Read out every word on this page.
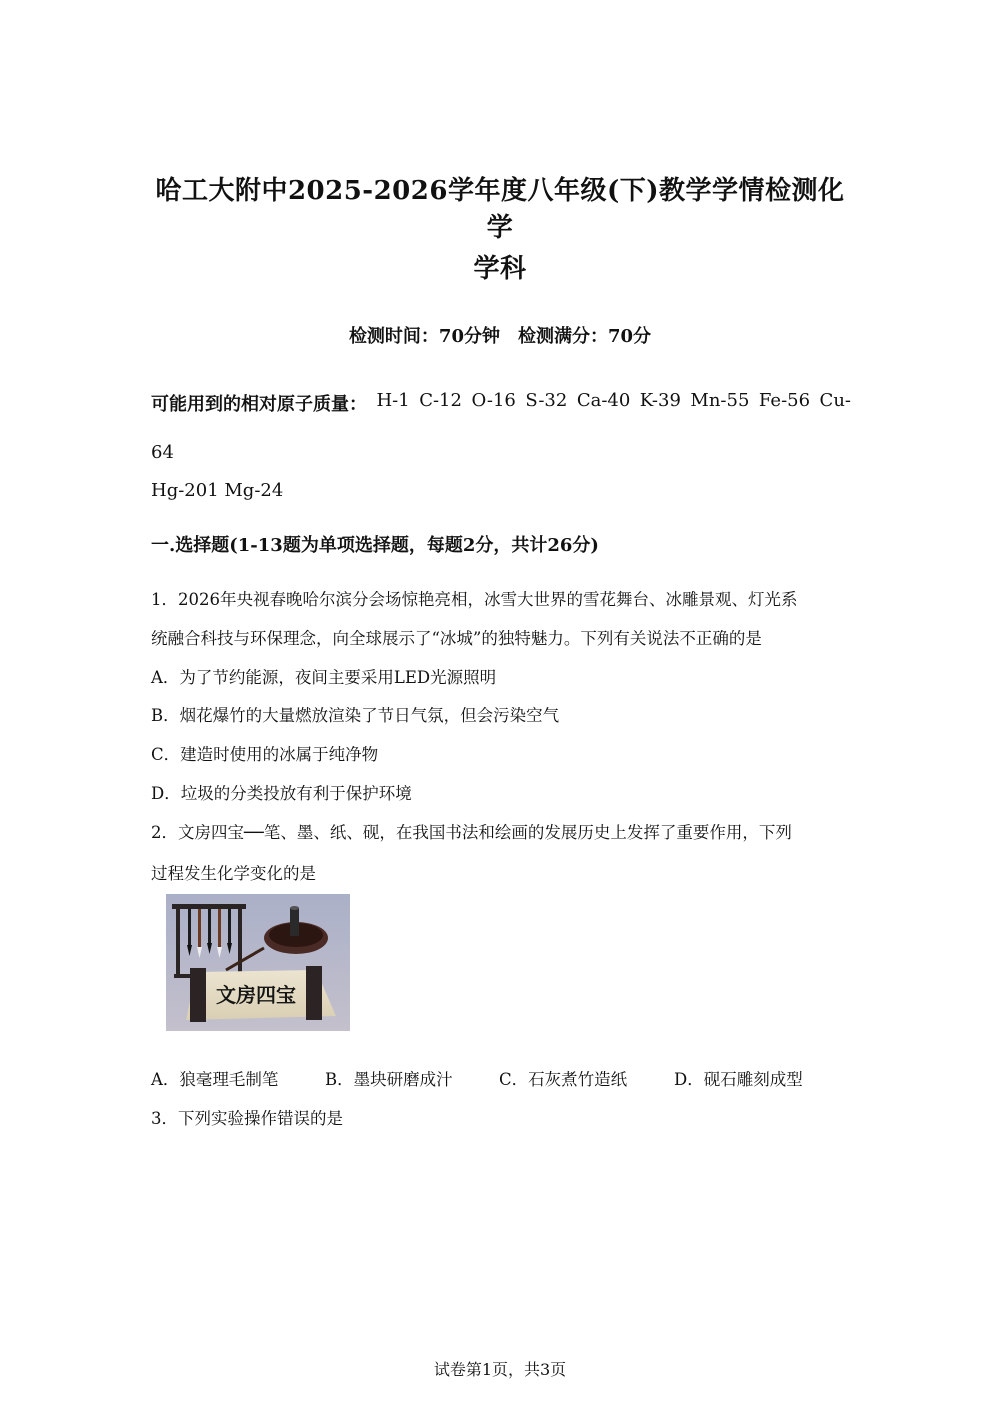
哈工大附中2025-2026学年度八年级(下)教学学情检测化学
学科
检测时间：70分钟　检测满分：70分
可能用到的相对原子质量： H-1 C-12 O-16 S-32 Ca-40 K-39 Mn-55 Fe-56 Cu-
64
Hg-201 Mg-24
一.选择题(1-13题为单项选择题，每题2分，共计26分)
1．2026年央视春晚哈尔滨分会场惊艳亮相，冰雪大世界的雪花舞台、冰雕景观、灯光系
统融合科技与环保理念，向全球展示了“冰城”的独特魅力。下列有关说法不正确的是
A．为了节约能源，夜间主要采用LED光源照明
B．烟花爆竹的大量燃放渲染了节日气氛，但会污染空气
C．建造时使用的冰属于纯净物
D．垃圾的分类投放有利于保护环境
2．文房四宝──笔、墨、纸、砚，在我国书法和绘画的发展历史上发挥了重要作用，下列
过程发生化学变化的是
文房四宝
A．狼毫理毛制笔	B．墨块研磨成汁	C．石灰煮竹造纸	D．砚石雕刻成型
3．下列实验操作错误的是
试卷第1页，共3页
